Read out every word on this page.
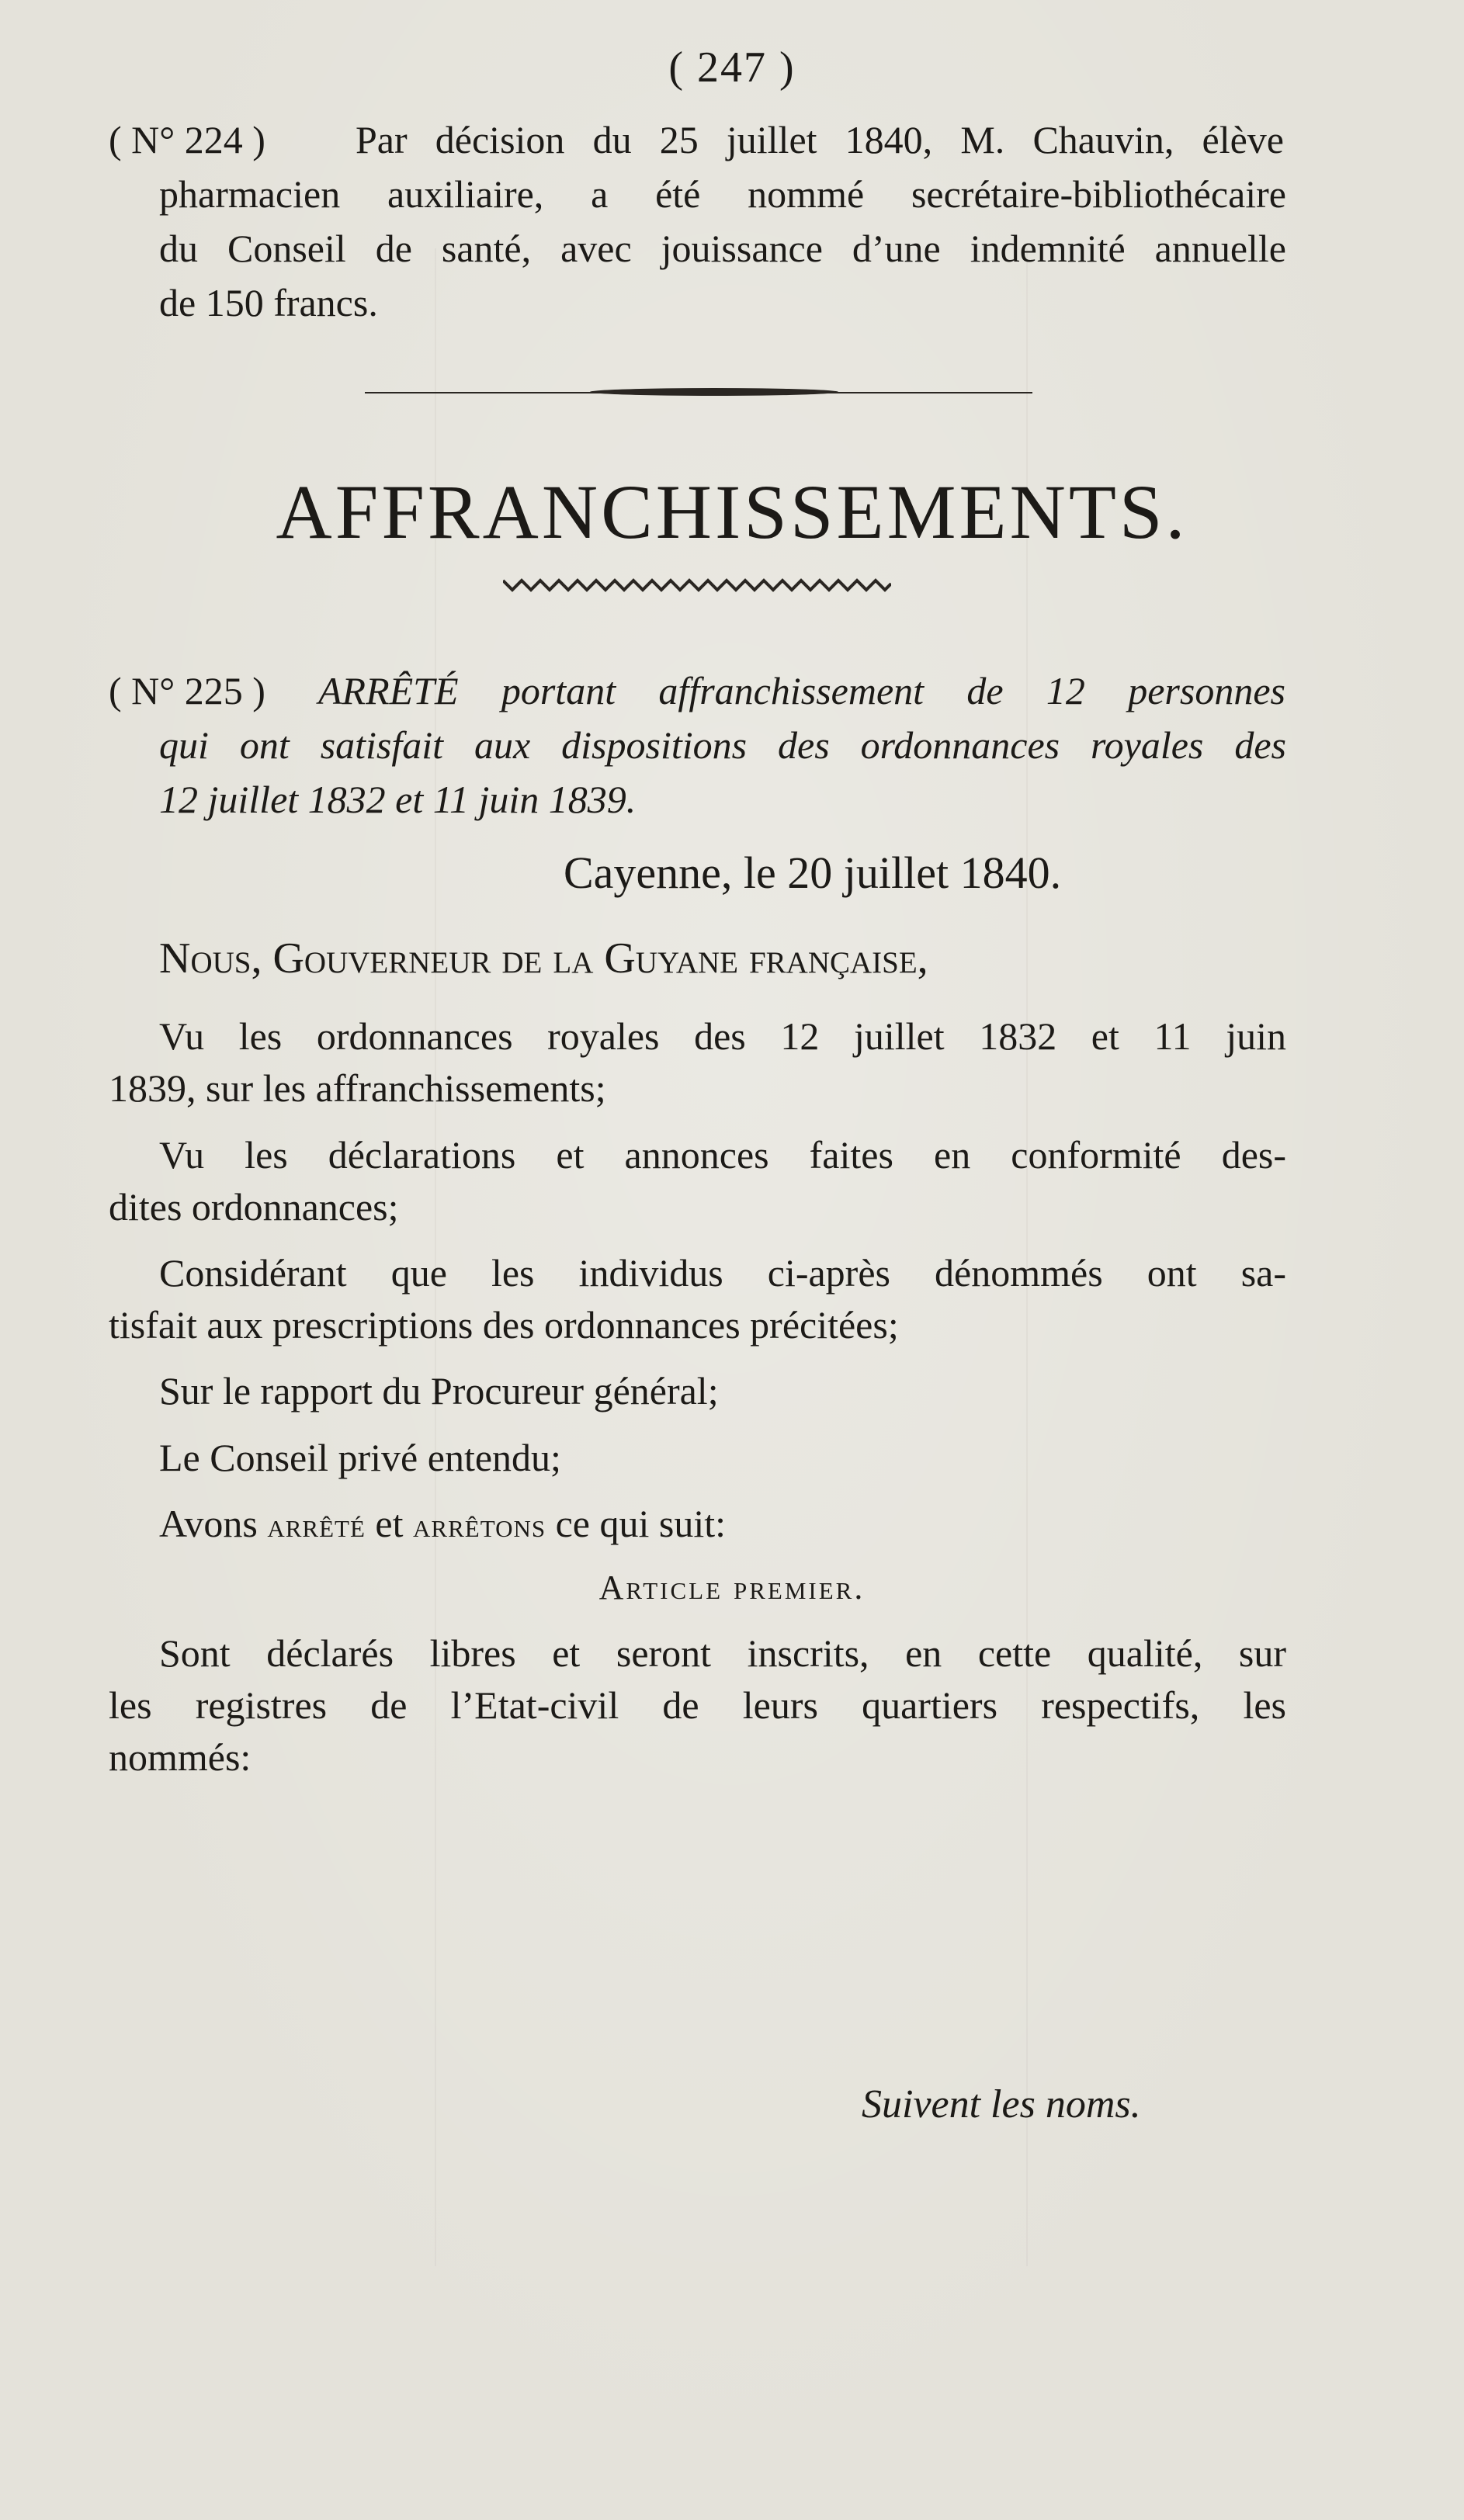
( 247 )
( N° 224 ) Par décision du 25 juillet 1840, M. Chauvin, élève
pharmacien auxiliaire, a été nommé secrétaire-bibliothécaire
du Conseil de santé, avec jouissance d’une indemnité annuelle
de 150 francs.
AFFRANCHISSEMENTS.
( N° 225 ) ARRÊTÉ portant affranchissement de 12 personnes
qui ont satisfait aux dispositions des ordonnances royales des
12 juillet 1832 et 11 juin 1839.
Cayenne, le 20 juillet 1840.
Nous, Gouverneur de la Guyane française,
Vu les ordonnances royales des 12 juillet 1832 et 11 juin
1839, sur les affranchissements;
Vu les déclarations et annonces faites en conformité des-
dites ordonnances;
Considérant que les individus ci-après dénommés ont sa-
tisfait aux prescriptions des ordonnances précitées;
Sur le rapport du Procureur général;
Le Conseil privé entendu;
Avons arrêté et arrêtons ce qui suit:
Article premier.
Sont déclarés libres et seront inscrits, en cette qualité, sur
les registres de l’Etat-civil de leurs quartiers respectifs, les
nommés:
Suivent les noms.
